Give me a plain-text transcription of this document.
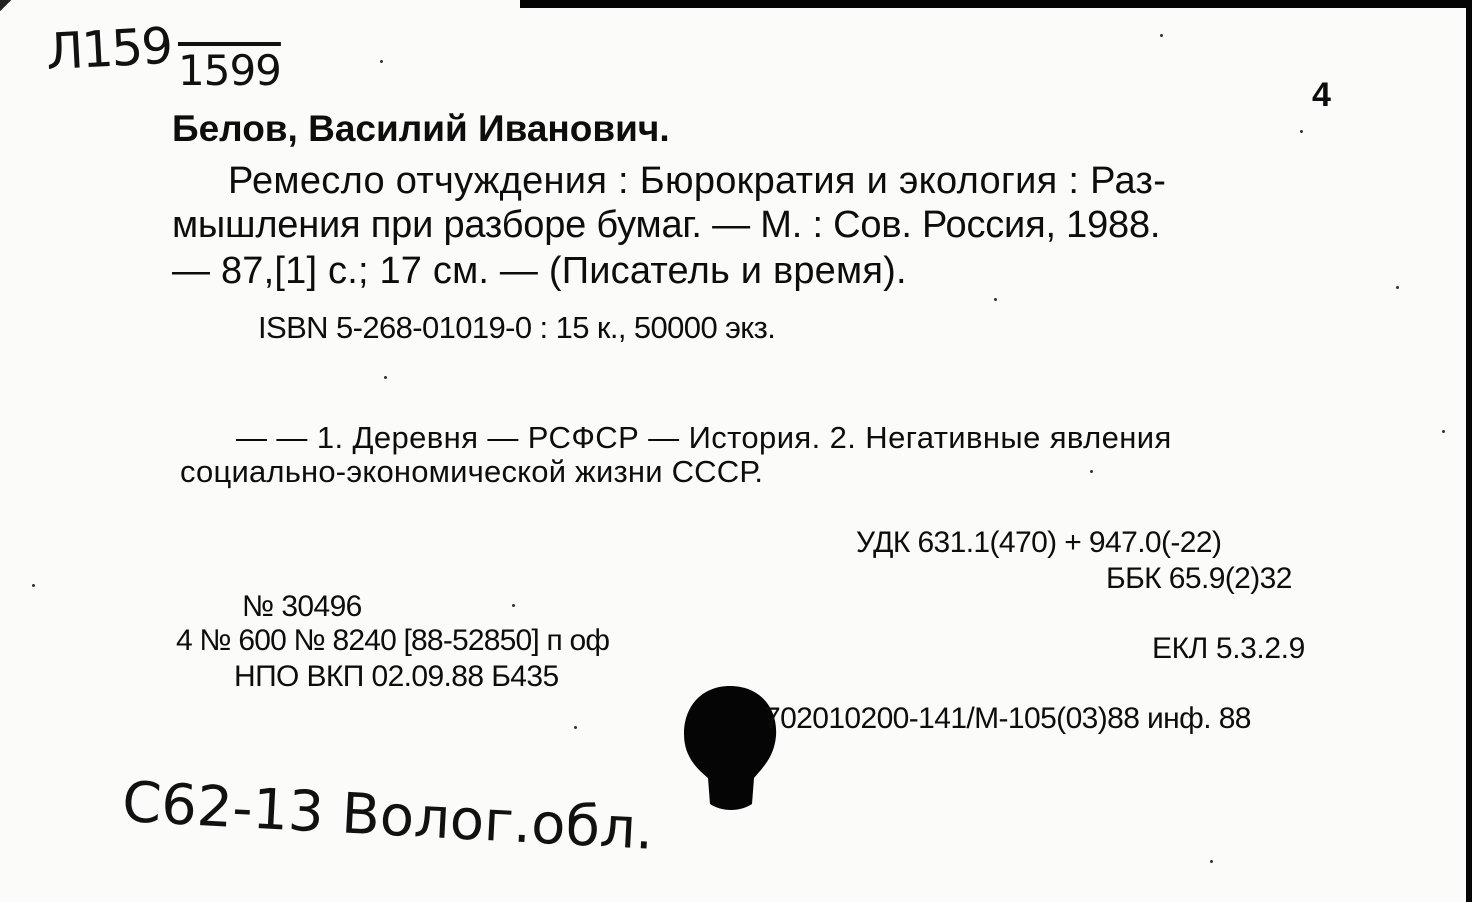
Л159 1599	4
Белов, Василий Иванович.
Ремесло отчуждения : Бюрократия и экология : Раз-
мышления при разборе бумаг. — М. : Сов. Россия, 1988.
— 87,[1] с.; 17 см. — (Писатель и время).
ISBN 5-268-01019-0 : 15 к., 50000 экз.
— — 1. Деревня — РСФСР — История. 2. Негативные явления
социально-экономической жизни СССР.
УДК 631.1(470) + 947.0(-22)
ББК 65.9(2)32
ЕКЛ 5.3.2.9
№ 30496
4 № 600 № 8240 [88-52850] п оф
НПО ВКП 02.09.88 Б435
702010200-141/М-105(03)88 инф. 88
С62-13 Волог.обл.
